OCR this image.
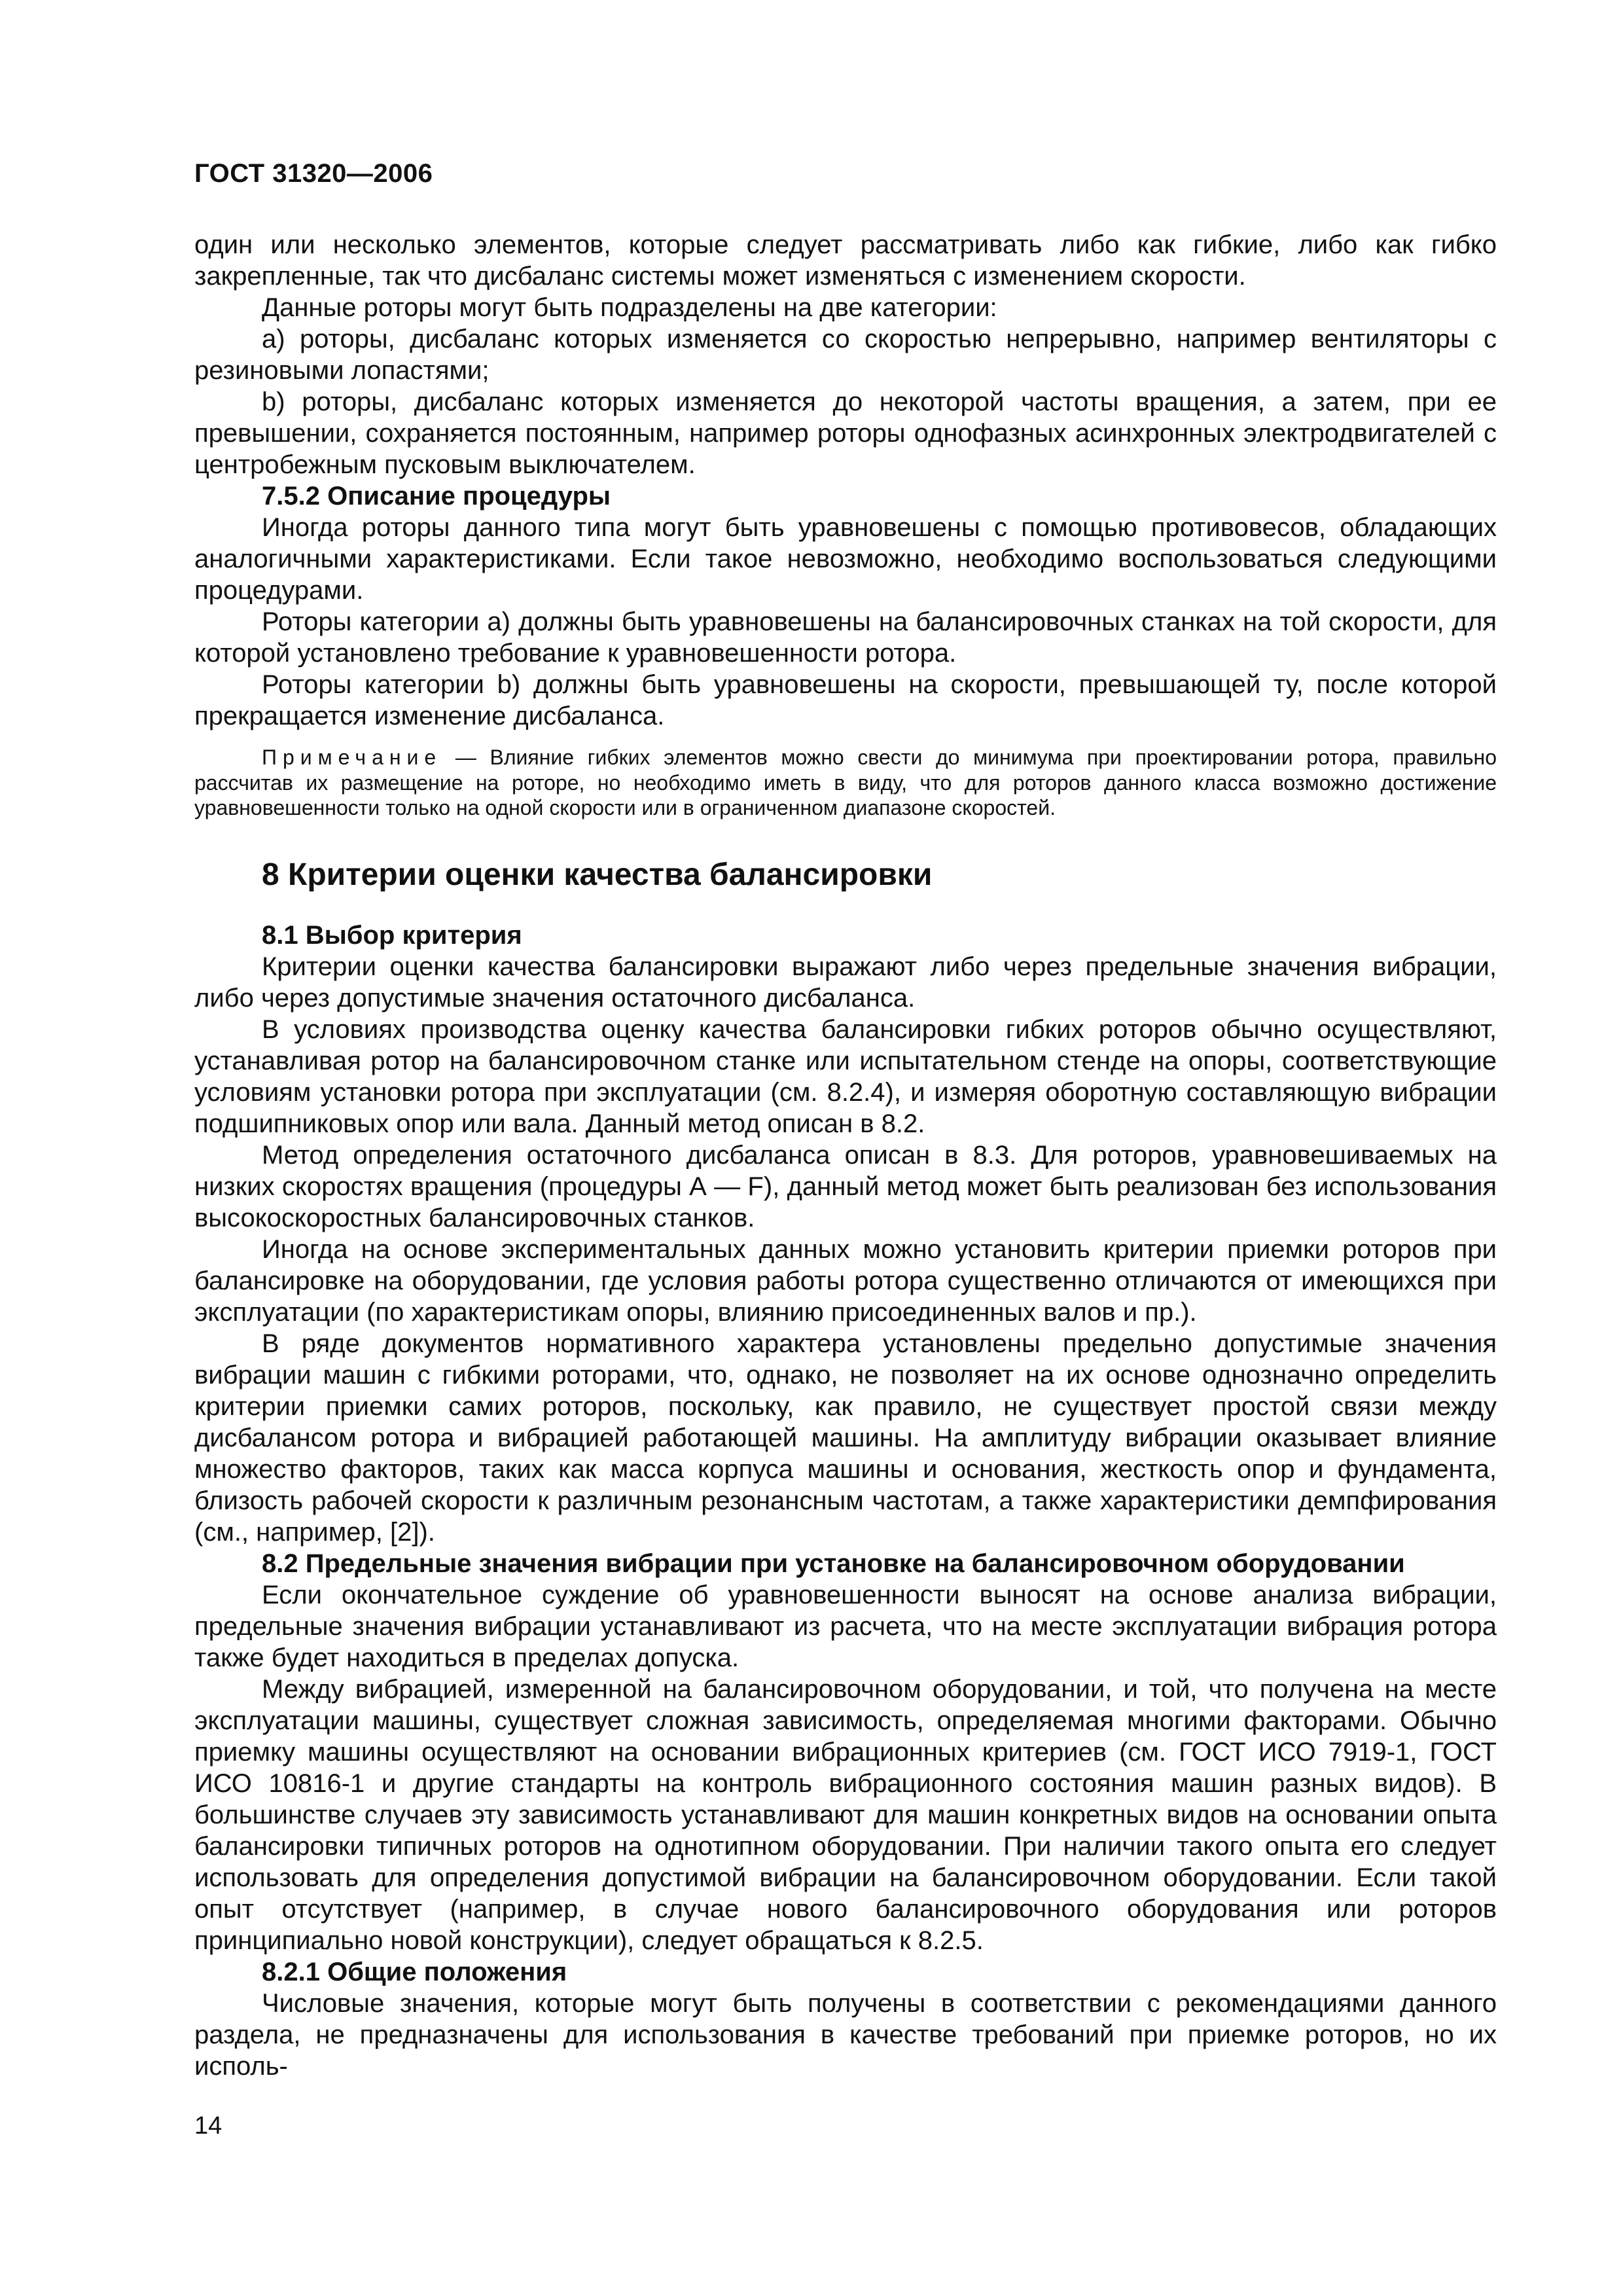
ГОСТ 31320—2006

один или несколько элементов, которые следует рассматривать либо как гибкие, либо как гибко закрепленные, так что дисбаланс системы может изменяться с изменением скорости.

Данные роторы могут быть подразделены на две категории:

а) роторы, дисбаланс которых изменяется со скоростью непрерывно, например вентиляторы с резиновыми лопастями;

b) роторы, дисбаланс которых изменяется до некоторой частоты вращения, а затем, при ее превышении, сохраняется постоянным, например роторы однофазных асинхронных электродвигателей с центробежным пусковым выключателем.

7.5.2 Описание процедуры

Иногда роторы данного типа могут быть уравновешены с помощью противовесов, обладающих аналогичными характеристиками. Если такое невозможно, необходимо воспользоваться следующими процедурами.

Роторы категории а) должны быть уравновешены на балансировочных станках на той скорости, для которой установлено требование к уравновешенности ротора.

Роторы категории b) должны быть уравновешены на скорости, превышающей ту, после которой прекращается изменение дисбаланса.

Примечание — Влияние гибких элементов можно свести до минимума при проектировании ротора, правильно рассчитав их размещение на роторе, но необходимо иметь в виду, что для роторов данного класса возможно достижение уравновешенности только на одной скорости или в ограниченном диапазоне скоростей.

8 Критерии оценки качества балансировки

8.1 Выбор критерия

Критерии оценки качества балансировки выражают либо через предельные значения вибрации, либо через допустимые значения остаточного дисбаланса.

В условиях производства оценку качества балансировки гибких роторов обычно осуществляют, устанавливая ротор на балансировочном станке или испытательном стенде на опоры, соответствующие условиям установки ротора при эксплуатации (см. 8.2.4), и измеряя оборотную составляющую вибрации подшипниковых опор или вала. Данный метод описан в 8.2.

Метод определения остаточного дисбаланса описан в 8.3. Для роторов, уравновешиваемых на низких скоростях вращения (процедуры А — F), данный метод может быть реализован без использования высокоскоростных балансировочных станков.

Иногда на основе экспериментальных данных можно установить критерии приемки роторов при балансировке на оборудовании, где условия работы ротора существенно отличаются от имеющихся при эксплуатации (по характеристикам опоры, влиянию присоединенных валов и пр.).

В ряде документов нормативного характера установлены предельно допустимые значения вибрации машин с гибкими роторами, что, однако, не позволяет на их основе однозначно определить критерии приемки самих роторов, поскольку, как правило, не существует простой связи между дисбалансом ротора и вибрацией работающей машины. На амплитуду вибрации оказывает влияние множество факторов, таких как масса корпуса машины и основания, жесткость опор и фундамента, близость рабочей скорости к различным резонансным частотам, а также характеристики демпфирования (см., например, [2]).

8.2 Предельные значения вибрации при установке на балансировочном оборудовании

Если окончательное суждение об уравновешенности выносят на основе анализа вибрации, предельные значения вибрации устанавливают из расчета, что на месте эксплуатации вибрация ротора также будет находиться в пределах допуска.

Между вибрацией, измеренной на балансировочном оборудовании, и той, что получена на месте эксплуатации машины, существует сложная зависимость, определяемая многими факторами. Обычно приемку машины осуществляют на основании вибрационных критериев (см. ГОСТ ИСО 7919-1, ГОСТ ИСО 10816-1 и другие стандарты на контроль вибрационного состояния машин разных видов). В большинстве случаев эту зависимость устанавливают для машин конкретных видов на основании опыта балансировки типичных роторов на однотипном оборудовании. При наличии такого опыта его следует использовать для определения допустимой вибрации на балансировочном оборудовании. Если такой опыт отсутствует (например, в случае нового балансировочного оборудования или роторов принципиально новой конструкции), следует обращаться к 8.2.5.

8.2.1 Общие положения

Числовые значения, которые могут быть получены в соответствии с рекомендациями данного раздела, не предназначены для использования в качестве требований при приемке роторов, но их исполь-

14
